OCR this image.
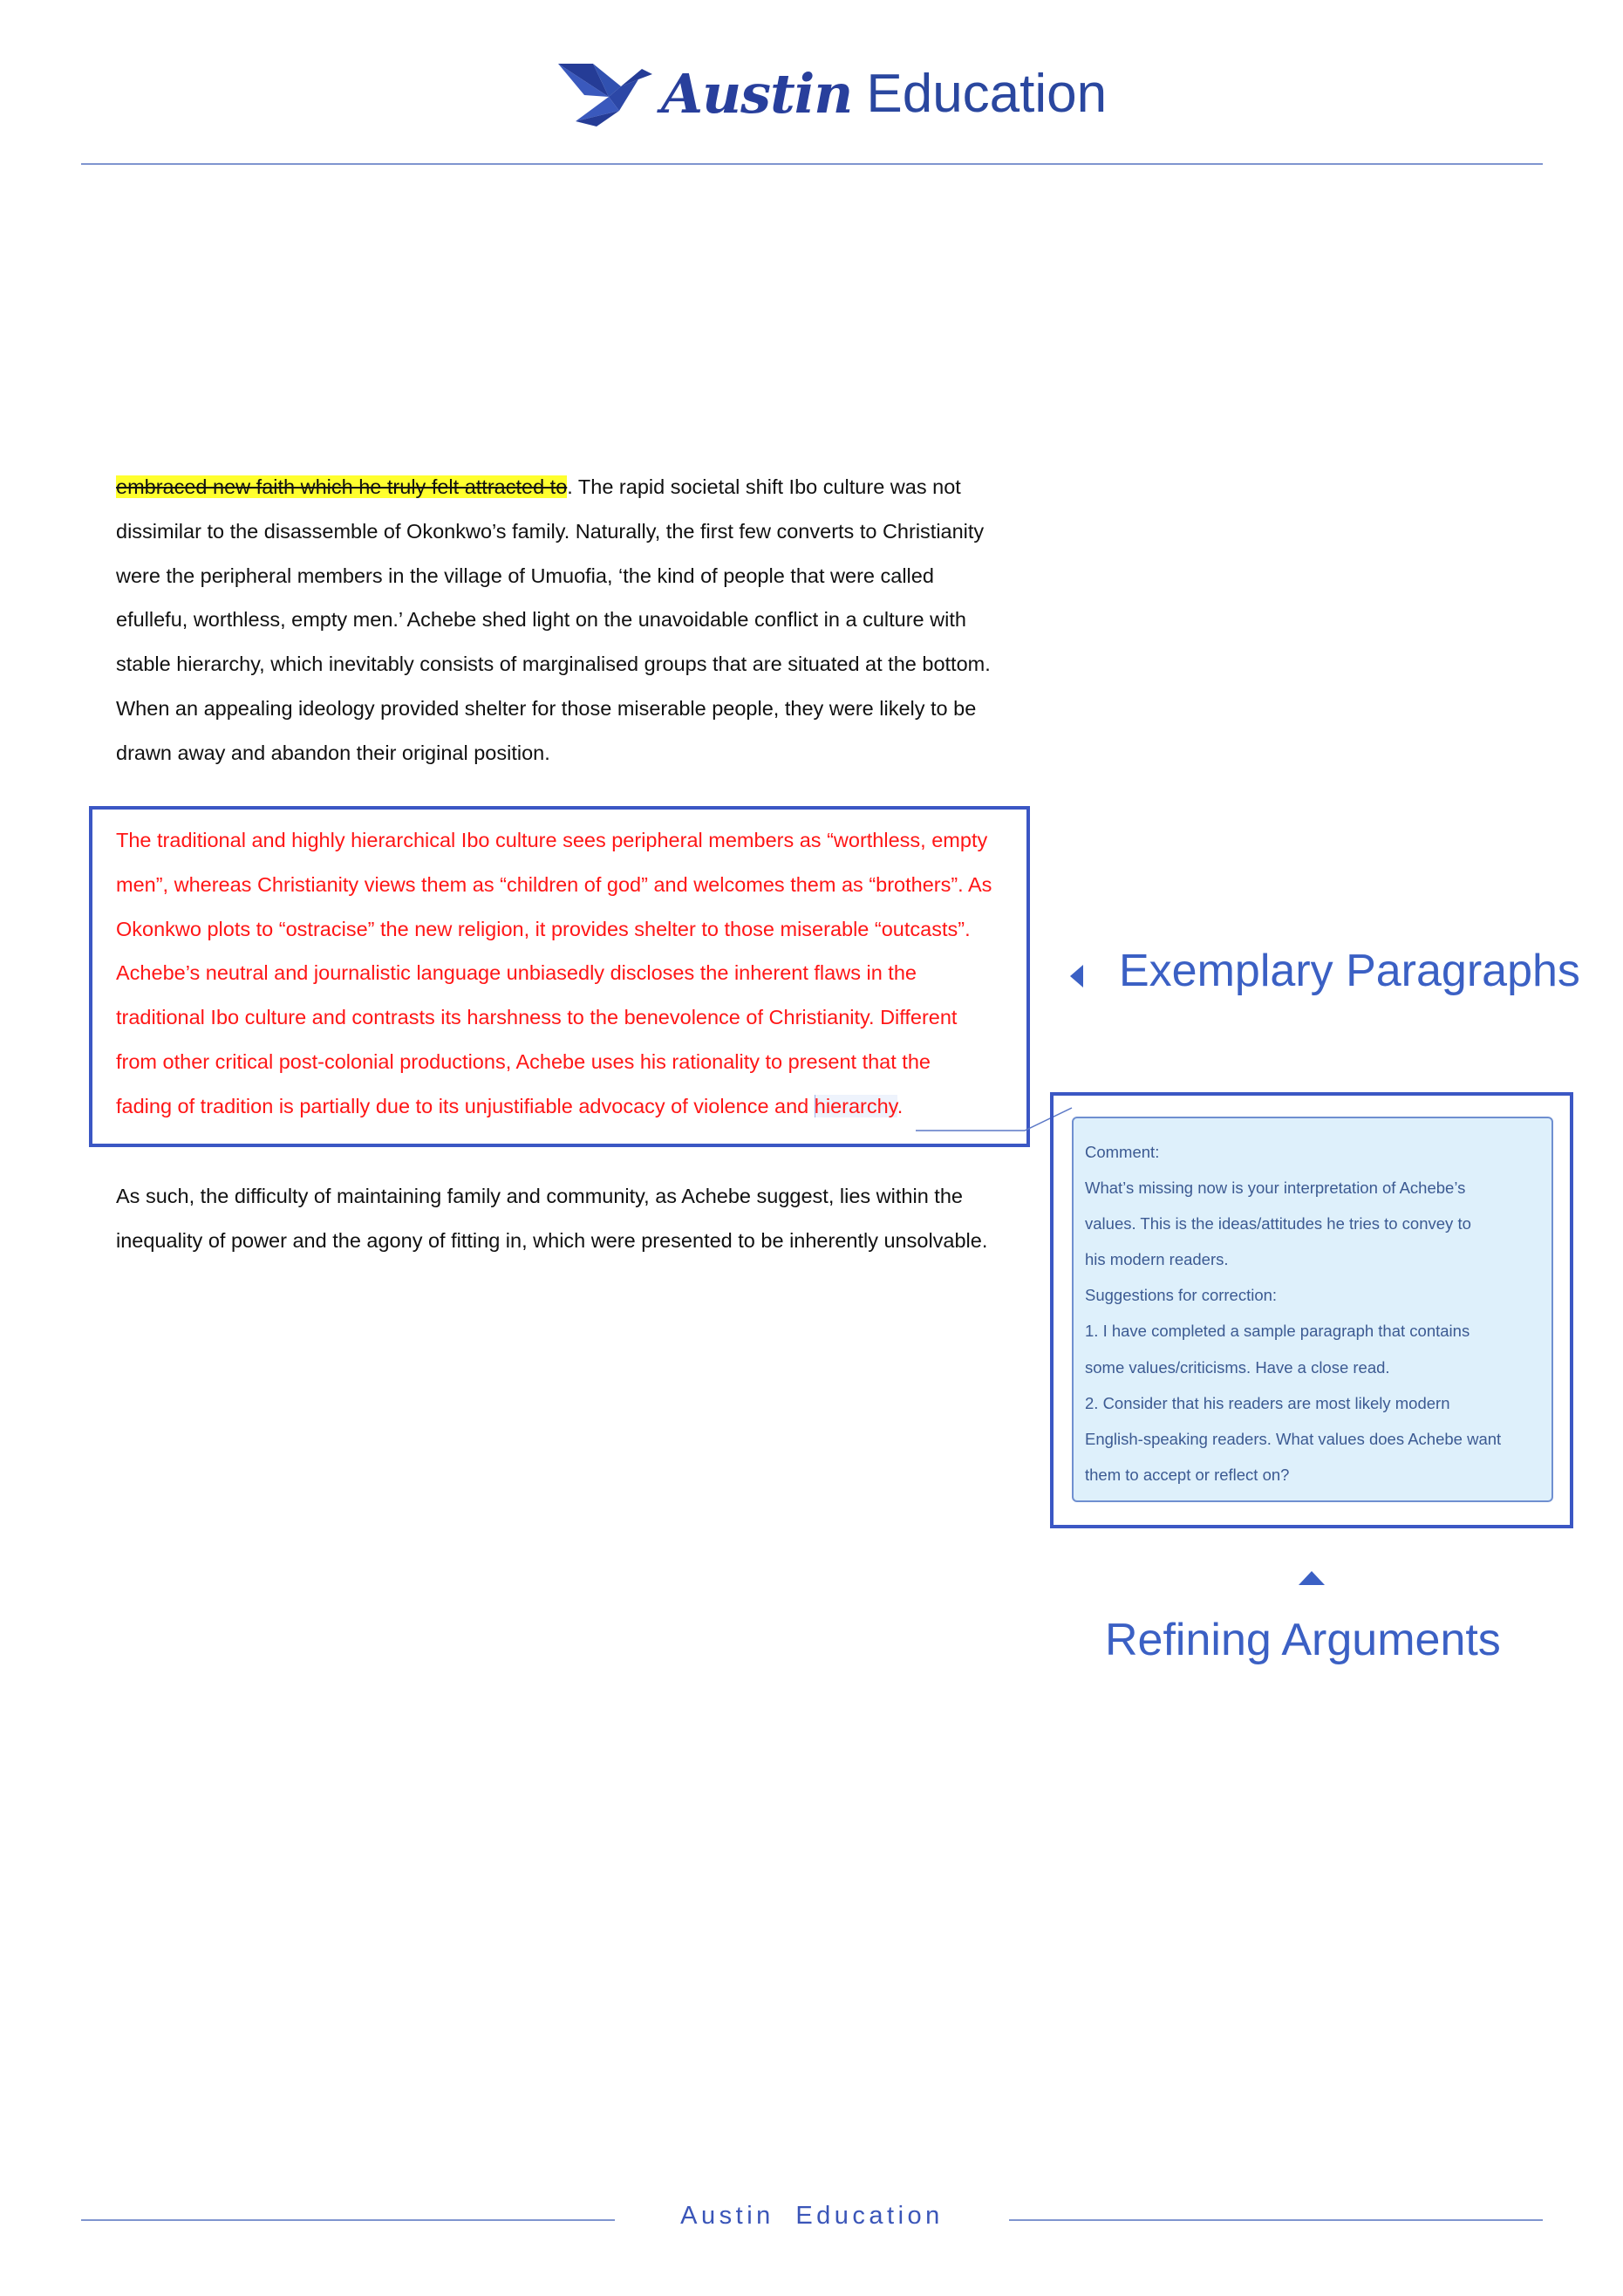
Austin Education
embraced new faith which he truly felt attracted to. The rapid societal shift Ibo culture was not
dissimilar to the disassemble of Okonkwo’s family. Naturally, the first few converts to Christianity
were the peripheral members in the village of Umuofia, ‘the kind of people that were called
efullefu, worthless, empty men.’ Achebe shed light on the unavoidable conflict in a culture with
stable hierarchy, which inevitably consists of marginalised groups that are situated at the bottom.
When an appealing ideology provided shelter for those miserable people, they were likely to be
drawn away and abandon their original position.
The traditional and highly hierarchical Ibo culture sees peripheral members as “worthless, empty
men”, whereas Christianity views them as “children of god” and welcomes them as “brothers”. As
Okonkwo plots to “ostracise” the new religion, it provides shelter to those miserable “outcasts”.
Achebe’s neutral and journalistic language unbiasedly discloses the inherent flaws in the
traditional Ibo culture and contrasts its harshness to the benevolence of Christianity. Different
from other critical post-colonial productions, Achebe uses his rationality to present that the
fading of tradition is partially due to its unjustifiable advocacy of violence and hierarchy.
As such, the difficulty of maintaining family and community, as Achebe suggest, lies within the
inequality of power and the agony of fitting in, which were presented to be inherently unsolvable.
Exemplary Paragraphs
Comment:
What’s missing now is your interpretation of Achebe’s
values. This is the ideas/attitudes he tries to convey to
his modern readers.
Suggestions for correction:
1. I have completed a sample paragraph that contains
some values/criticisms. Have a close read.
2. Consider that his readers are most likely modern
English-speaking readers. What values does Achebe want
them to accept or reflect on?
Refining Arguments
Austin Education
